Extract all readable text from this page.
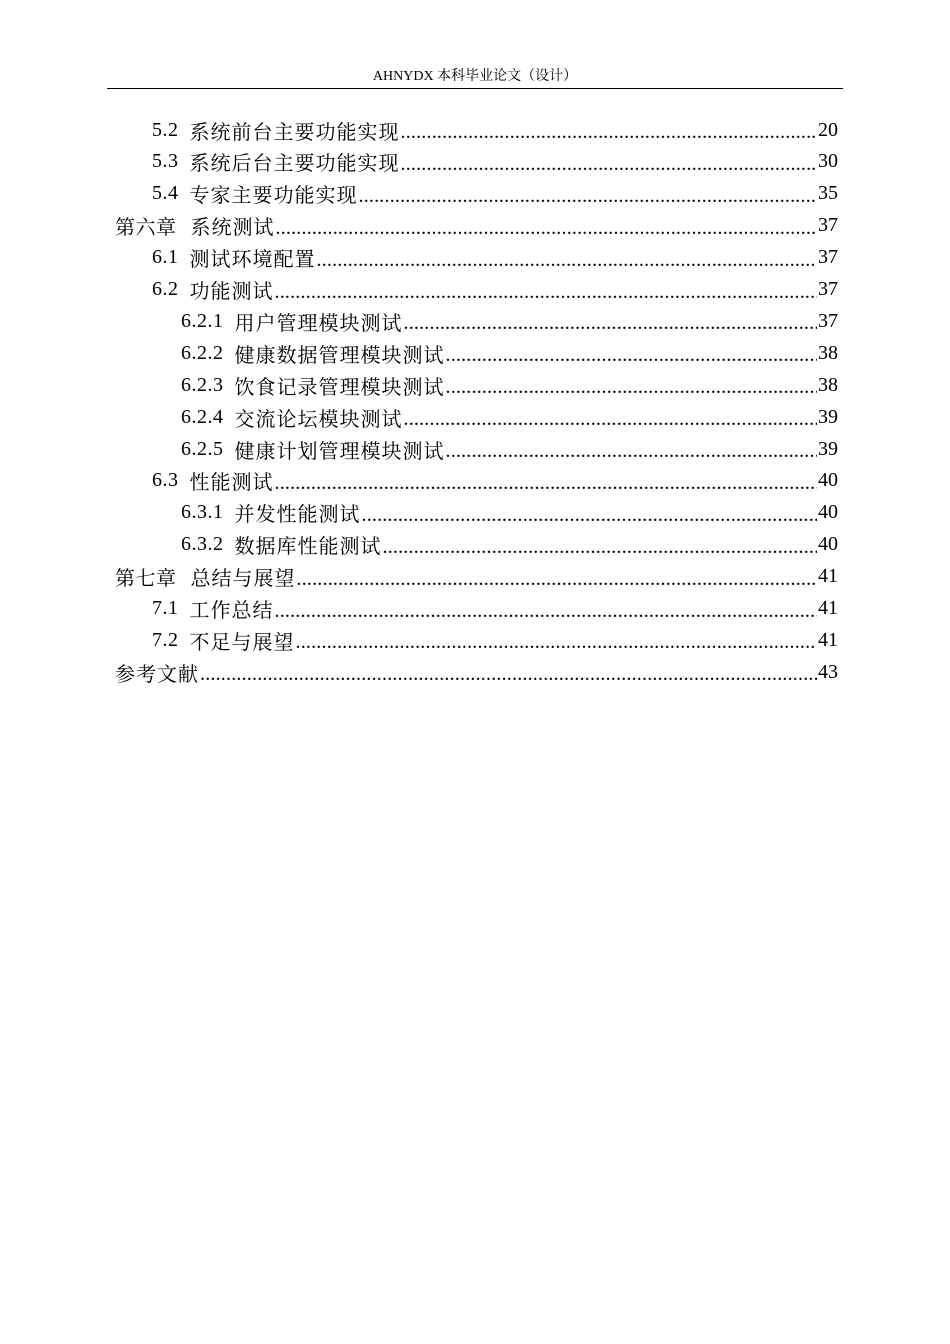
AHNYDX 本科毕业论文（设计）
5.2 系统前台主要功能实现 .....	20
5.3 系统后台主要功能实现 .....	30
5.4 专家主要功能实现 .....	35
第六章 系统测试 .....	37
6.1 测试环境配置 .....	37
6.2 功能测试 .....	37
6.2.1 用户管理模块测试 .....	37
6.2.2 健康数据管理模块测试 .....	38
6.2.3 饮食记录管理模块测试 .....	38
6.2.4 交流论坛模块测试 .....	39
6.2.5 健康计划管理模块测试 .....	39
6.3 性能测试 .....	40
6.3.1 并发性能测试 .....	40
6.3.2 数据库性能测试 .....	40
第七章 总结与展望 .....	41
7.1 工作总结 .....	41
7.2 不足与展望 .....	41
参考文献 .....	43
